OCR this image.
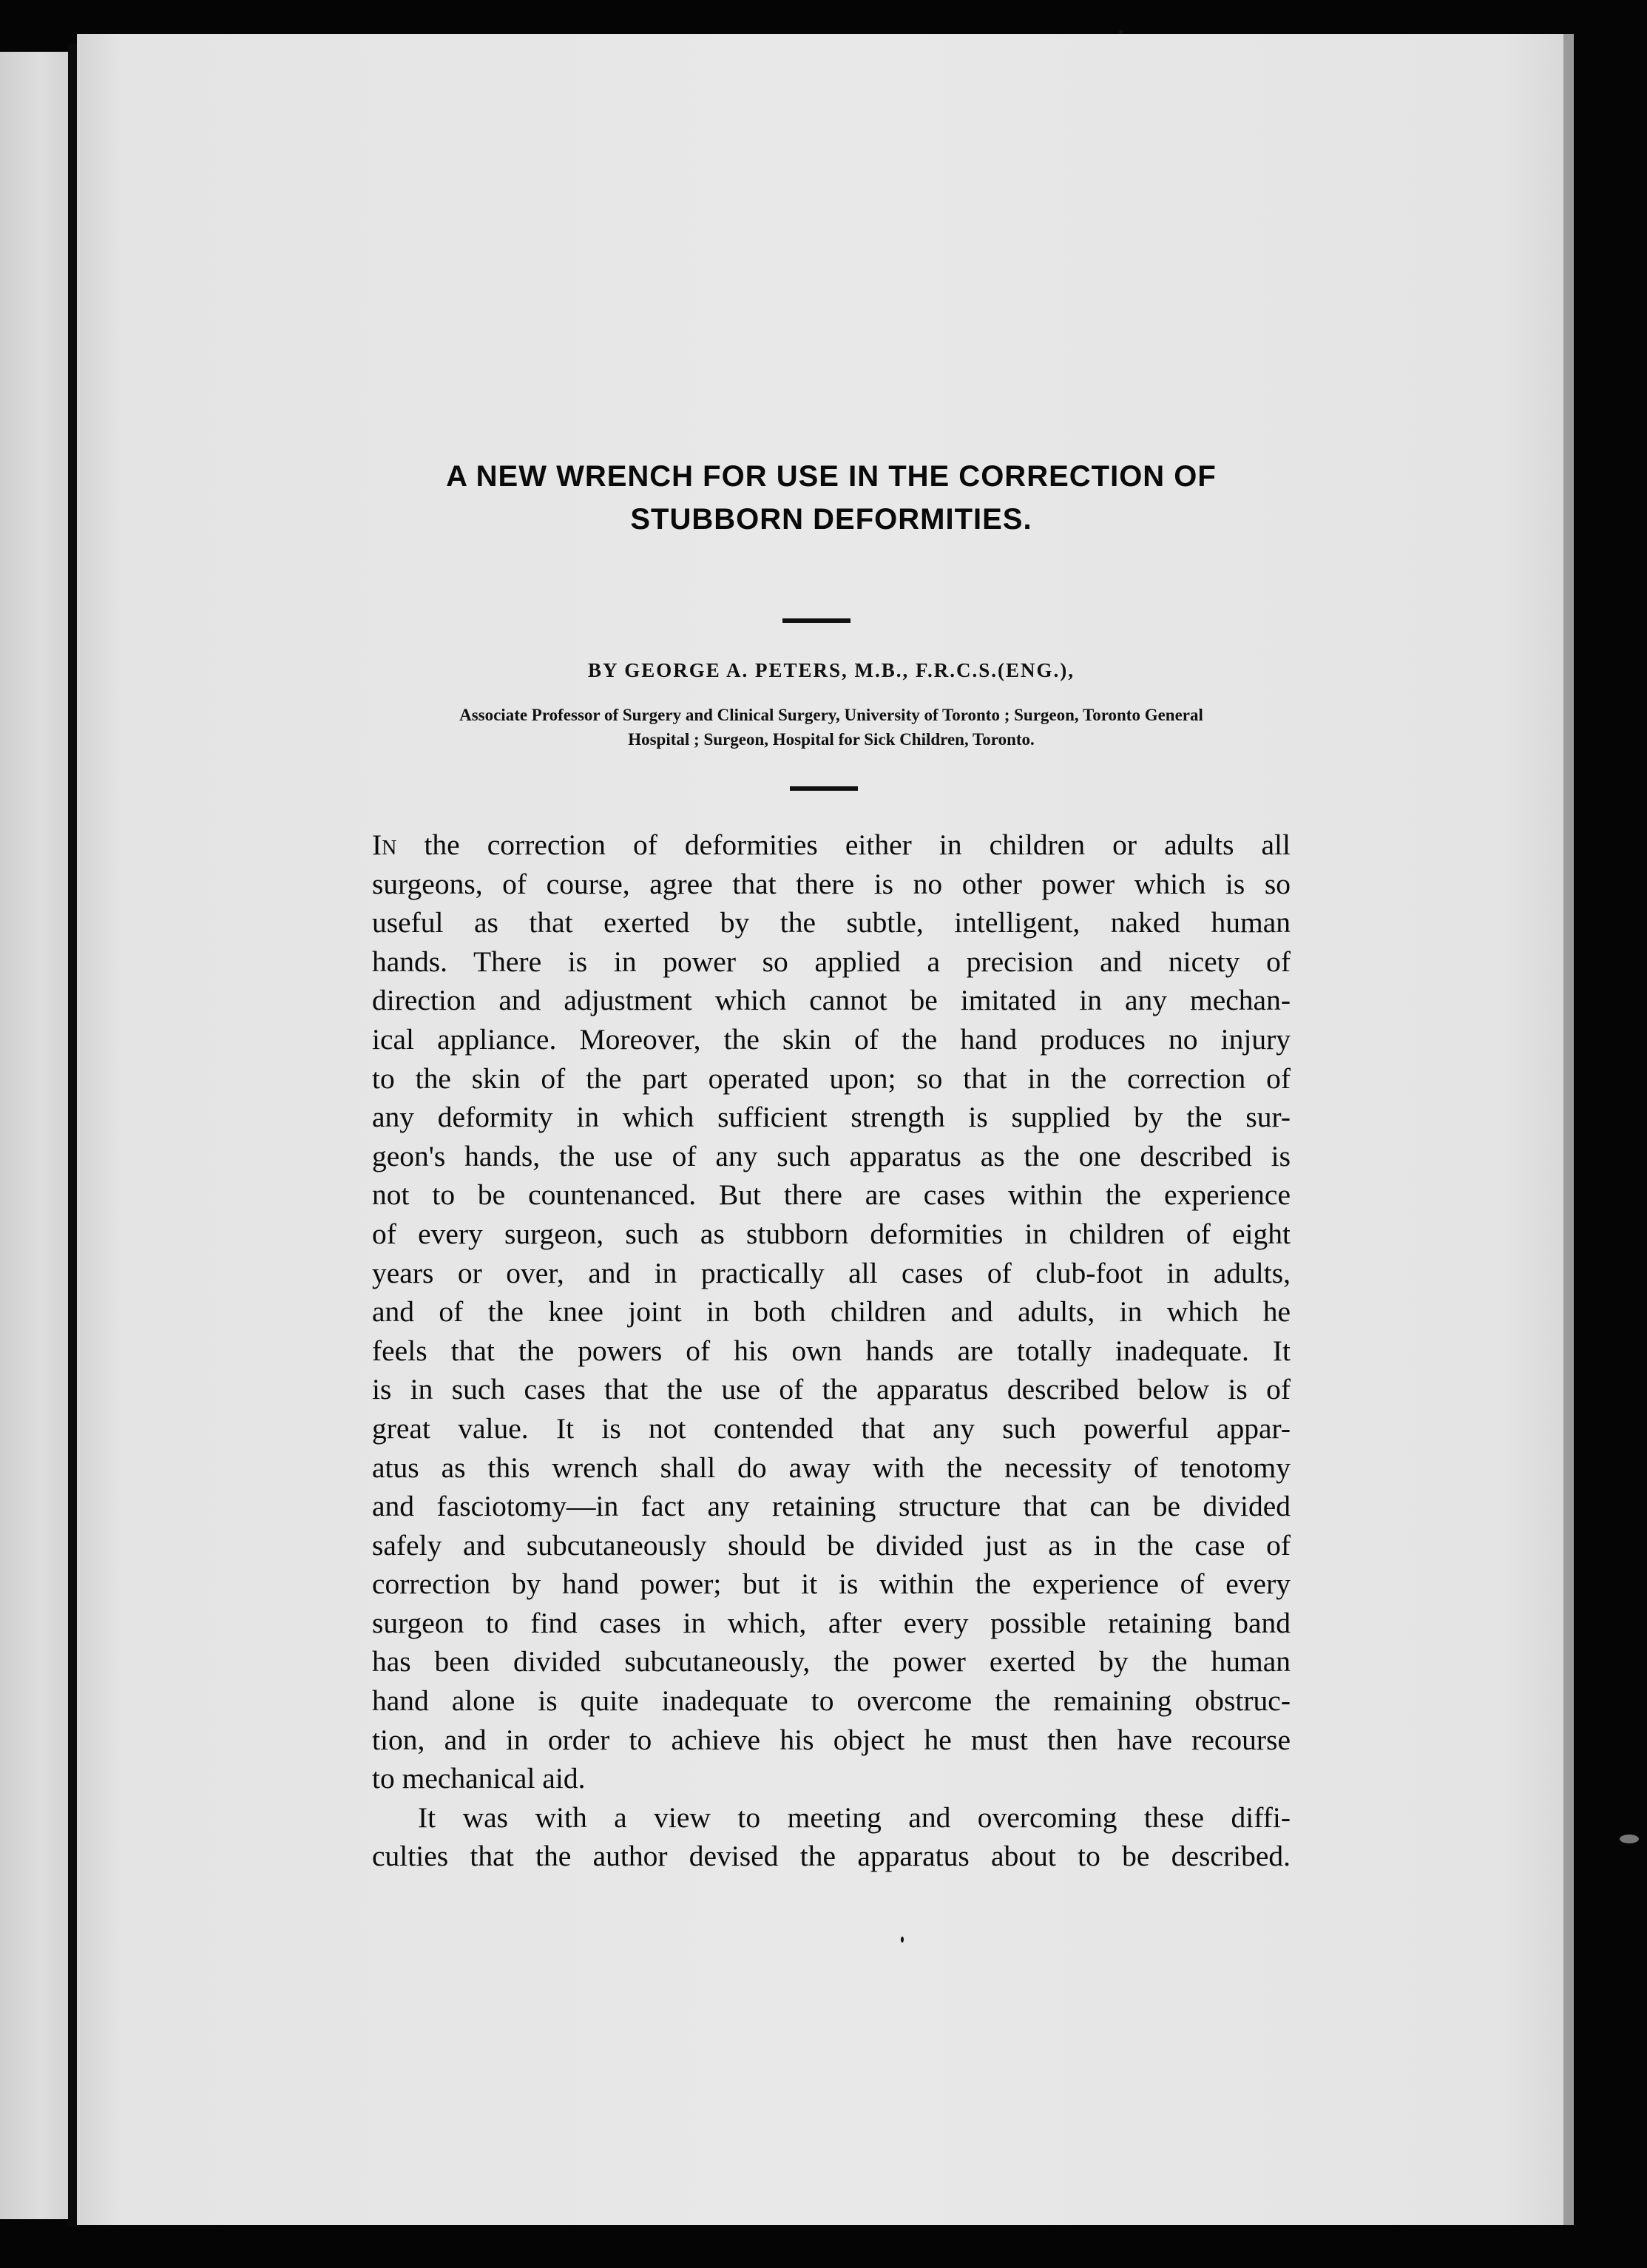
A NEW WRENCH FOR USE IN THE CORRECTION OF
STUBBORN DEFORMITIES.
BY GEORGE A. PETERS, M.B., F.R.C.S.(ENG.),
Associate Professor of Surgery and Clinical Surgery, University of Toronto ; Surgeon, Toronto General
Hospital ; Surgeon, Hospital for Sick Children, Toronto.
In the correction of deformities either in children or adults all
surgeons, of course, agree that there is no other power which is so
useful as that exerted by the subtle, intelligent, naked human
hands. There is in power so applied a precision and nicety of
direction and adjustment which cannot be imitated in any mechan-
ical appliance. Moreover, the skin of the hand produces no injury
to the skin of the part operated upon; so that in the correction of
any deformity in which sufficient strength is supplied by the sur-
geon's hands, the use of any such apparatus as the one described is
not to be countenanced. But there are cases within the experience
of every surgeon, such as stubborn deformities in children of eight
years or over, and in practically all cases of club-foot in adults,
and of the knee joint in both children and adults, in which he
feels that the powers of his own hands are totally inadequate. It
is in such cases that the use of the apparatus described below is of
great value. It is not contended that any such powerful appar-
atus as this wrench shall do away with the necessity of tenotomy
and fasciotomy—in fact any retaining structure that can be divided
safely and subcutaneously should be divided just as in the case of
correction by hand power; but it is within the experience of every
surgeon to find cases in which, after every possible retaining band
has been divided subcutaneously, the power exerted by the human
hand alone is quite inadequate to overcome the remaining obstruc-
tion, and in order to achieve his object he must then have recourse
to mechanical aid.
It was with a view to meeting and overcoming these diffi-
culties that the author devised the apparatus about to be described.
